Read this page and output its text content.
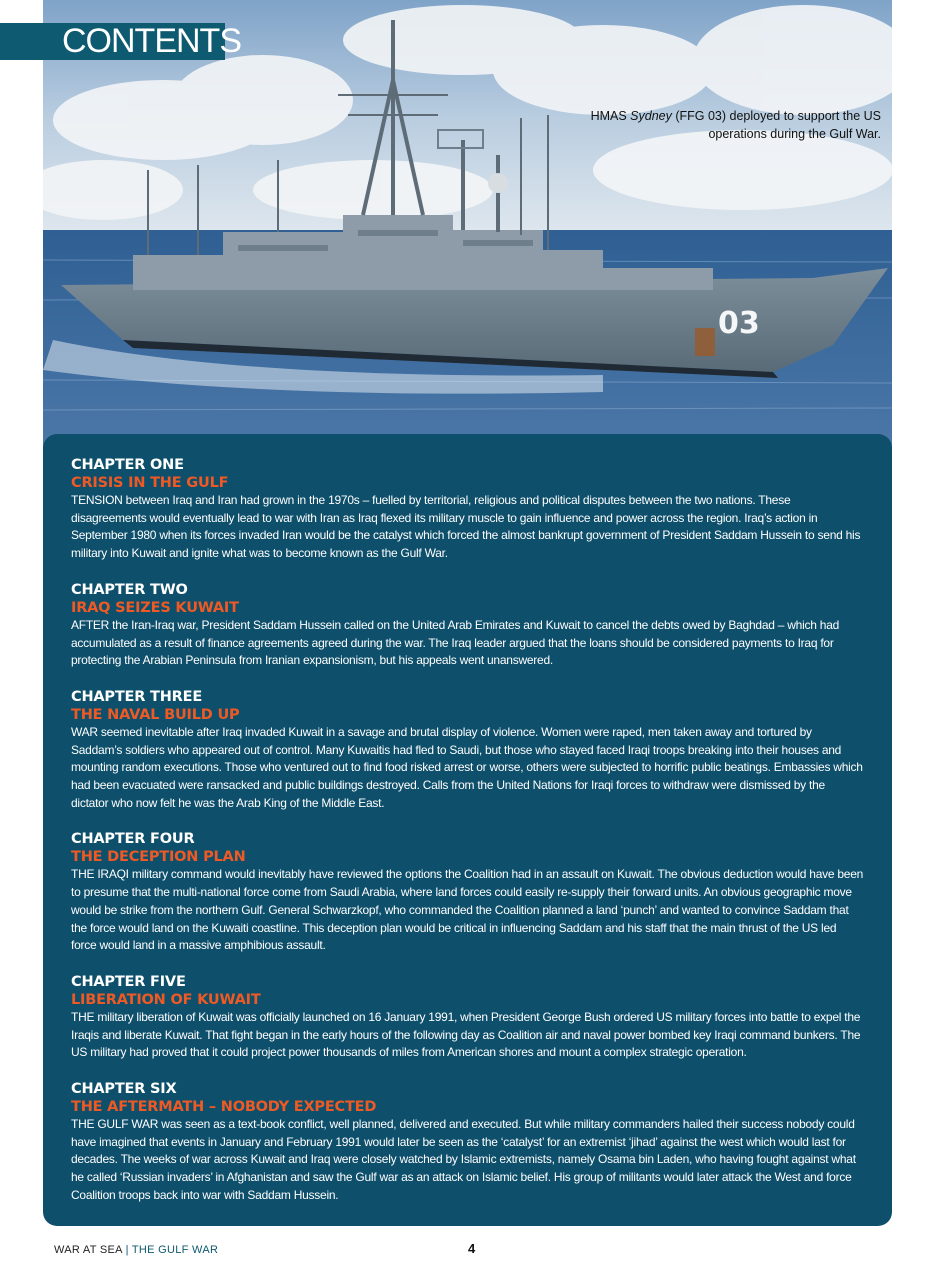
03
CONTENTS
HMAS Sydney (FFG 03) deployed to support the US operations during the Gulf War.
CHAPTER ONE
CRISIS IN THE GULF
TENSION between Iraq and Iran had grown in the 1970s – fuelled by territorial, religious and political disputes between the two nations. These disagreements would eventually lead to war with Iran as Iraq flexed its military muscle to gain influence and power across the region. Iraq’s action in September 1980 when its forces invaded Iran would be the catalyst which forced the almost bankrupt government of President Saddam Hussein to send his military into Kuwait and ignite what was to become known as the Gulf War.
CHAPTER TWO
IRAQ SEIZES KUWAIT
AFTER the Iran-Iraq war, President Saddam Hussein called on the United Arab Emirates and Kuwait to cancel the debts owed by Baghdad – which had accumulated as a result of finance agreements agreed during the war. The Iraq leader argued that the loans should be considered payments to Iraq for protecting the Arabian Peninsula from Iranian expansionism, but his appeals went unanswered.
CHAPTER THREE
THE NAVAL BUILD UP
WAR seemed inevitable after Iraq invaded Kuwait in a savage and brutal display of violence. Women were raped, men taken away and tortured by Saddam’s soldiers who appeared out of control. Many Kuwaitis had fled to Saudi, but those who stayed faced Iraqi troops breaking into their houses and mounting random executions. Those who ventured out to find food risked arrest or worse, others were subjected to horrific public beatings. Embassies which had been evacuated were ransacked and public buildings destroyed. Calls from the United Nations for Iraqi forces to withdraw were dismissed by the dictator who now felt he was the Arab King of the Middle East.
CHAPTER FOUR
THE DECEPTION PLAN
THE IRAQI military command would inevitably have reviewed the options the Coalition had in an assault on Kuwait. The obvious deduction would have been to presume that the multi-national force come from Saudi Arabia, where land forces could easily re-supply their forward units. An obvious geographic move would be strike from the northern Gulf. General Schwarzkopf, who commanded the Coalition planned a land ‘punch’ and wanted to convince Saddam that the force would land on the Kuwaiti coastline. This deception plan would be critical in influencing Saddam and his staff that the main thrust of the US led force would land in a massive amphibious assault.
CHAPTER FIVE
LIBERATION OF KUWAIT
THE military liberation of Kuwait was officially launched on 16 January 1991, when President George Bush ordered US military forces into battle to expel the Iraqis and liberate Kuwait. That fight began in the early hours of the following day as Coalition air and naval power bombed key Iraqi command bunkers. The US military had proved that it could project power thousands of miles from American shores and mount a complex strategic operation.
CHAPTER SIX
THE AFTERMATH – NOBODY EXPECTED
THE GULF WAR was seen as a text-book conflict, well planned, delivered and executed. But while military commanders hailed their success nobody could have imagined that events in January and February 1991 would later be seen as the ‘catalyst’ for an extremist ‘jihad’ against the west which would last for decades. The weeks of war across Kuwait and Iraq were closely watched by Islamic extremists, namely Osama bin Laden, who having fought against what he called ‘Russian invaders’ in Afghanistan and saw the Gulf war as an attack on Islamic belief. His group of militants would later attack the West and force Coalition troops back into war with Saddam Hussein.
WAR AT SEA | THE GULF WAR	4
